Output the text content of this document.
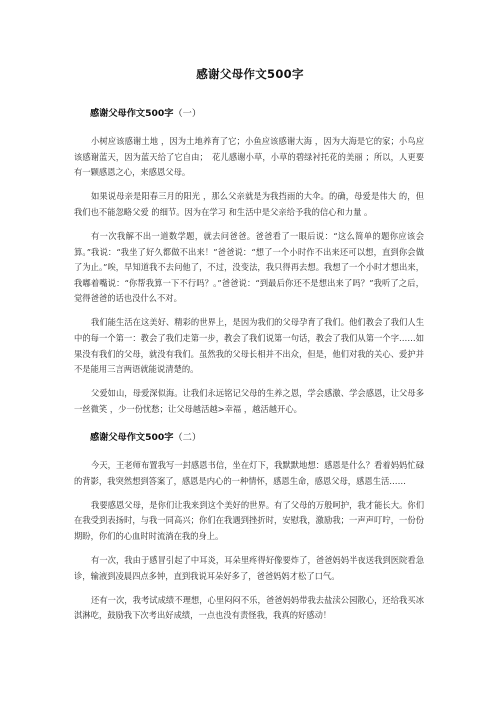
感谢父母作文500字
感谢父母作文500字（一）

小树应该感谢土地 ，因为土地养育了它；小鱼应该感谢大海 ，因为大海是它的家；小鸟应该感谢蓝天，因为蓝天给了它自由；　花儿感谢小草，小草的碧绿衬托花的美丽 ；所以，人更要有一颗感恩之心，来感恩父母。

如果说母亲是阳春三月的阳光 ，那么父亲就是为我挡雨的大伞。的确，母爱是伟大 的，但我们也不能忽略父爱 的细节。因为在学习 和生活中是父亲给予我的信心和力量 。

有一次我解不出一道数学题，就去问爸爸。爸爸看了一眼后说：“这么简单的题你应该会算。”我说：“我坐了好久都做不出来！”爸爸说：“想了一个小时作不出来还可以想，直到你会做了为止。”唉，早知道我不去问他了，不过，没变法，我只得再去想。我想了一个小时才想出来，我嘟着嘴说：“你帮我算一下不行吗？。”爸爸说：“到最后你还不是想出来了吗？”我听了之后，觉得爸爸的话也没什么不对。

我们能生活在这美好、精彩的世界上，是因为我们的父母孕育了我们。他们教会了我们人生 中的每一个第一：教会了我们走第一步，教会了我们说第一句话，教会了我们从第一个字……如果没有我们的父母，就没有我们。虽然我的父母长相并不出众，但是，他们对我的关心、爱护并不是能用三言两语就能说清楚的。

父爱如山，母爱深似海。让我们永远铭记父母的生养之恩，学会感激、学会感恩，让父母多一丝微笑 ，少一份忧愁；让父母越活越>幸福 ，越活越开心。

感谢父母作文500字（二）

今天，王老师布置我写一封感恩书信，坐在灯下，我默默地想：感恩是什么？看着妈妈忙碌的背影，我突然想到答案了，感恩是内心的一种情怀，感恩生命，感恩父母，感恩生活……

我要感恩父母，是你们让我来到这个美好的世界。有了父母的万般呵护，我才能长大。你们在我受到表扬时，与我一同高兴；你们在我遇到挫折时，安慰我，激励我；一声声叮咛，一份份期盼，你们的心血时时流淌在我的身上。

有一次，我由于感冒引起了中耳炎，耳朵里疼得好像要炸了，爸爸妈妈半夜送我到医院看急诊，输液到凌晨四点多钟，直到我说耳朵好多了，爸爸妈妈才松了口气。

还有一次，我考试成绩不理想，心里闷闷不乐，爸爸妈妈带我去盐渎公园散心，还给我买冰淇淋吃，鼓励我下次考出好成绩，一点也没有责怪我，我真的好感动！
